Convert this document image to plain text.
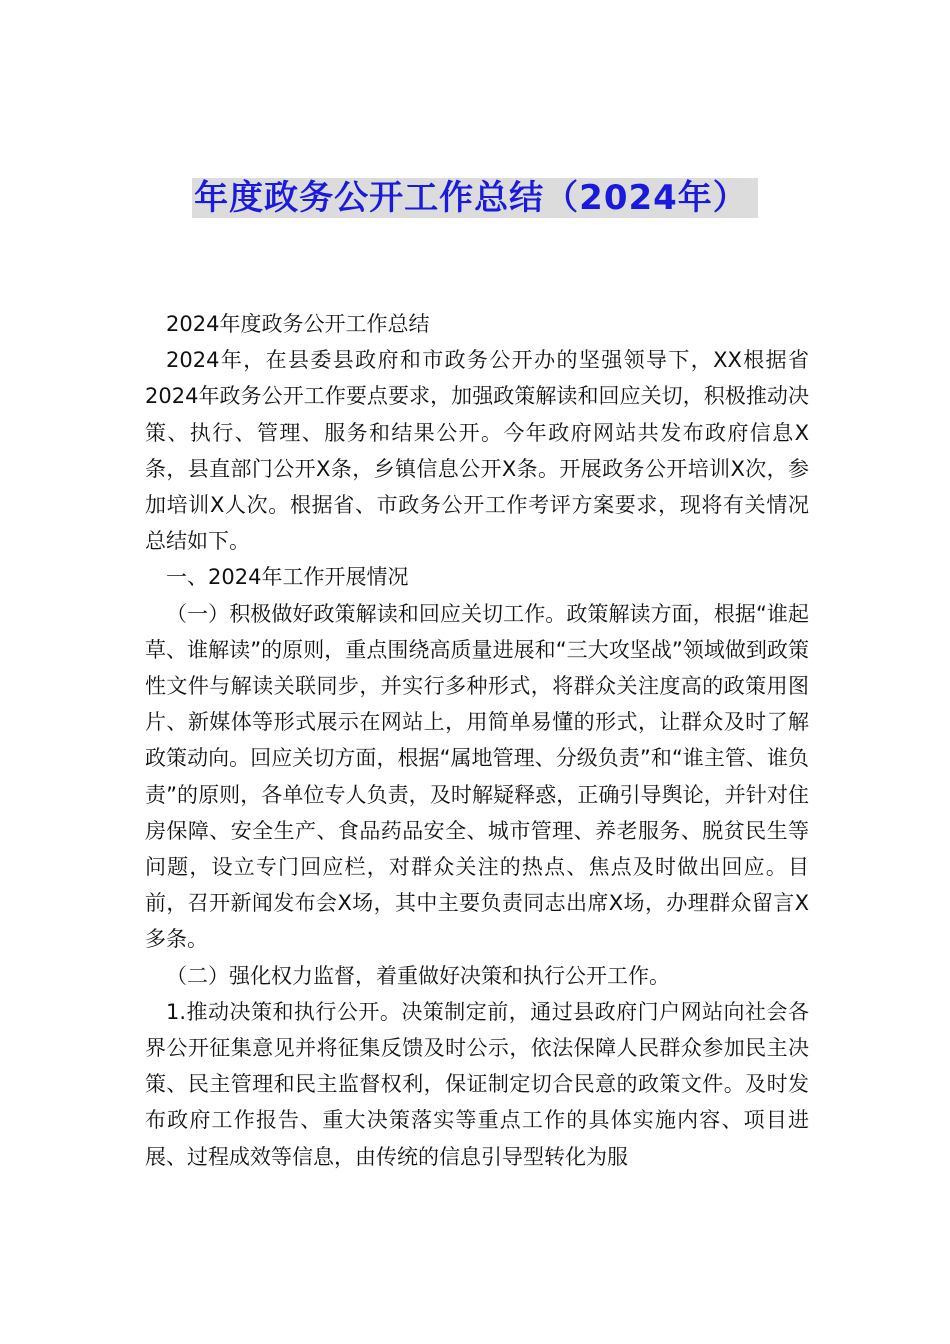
年度政务公开工作总结（2024年）

2024年度政务公开工作总结

2024年，在县委县政府和市政务公开办的坚强领导下，XX根据省2024年政务公开工作要点要求，加强政策解读和回应关切，积极推动决策、执行、管理、服务和结果公开。今年政府网站共发布政府信息X条，县直部门公开X条，乡镇信息公开X条。开展政务公开培训X次，参加培训X人次。根据省、市政务公开工作考评方案要求，现将有关情况总结如下。

一、2024年工作开展情况

（一）积极做好政策解读和回应关切工作。政策解读方面，根据“谁起草、谁解读”的原则，重点围绕高质量进展和“三大攻坚战”领域做到政策性文件与解读关联同步，并实行多种形式，将群众关注度高的政策用图片、新媒体等形式展示在网站上，用简单易懂的形式，让群众及时了解政策动向。回应关切方面，根据“属地管理、分级负责”和“谁主管、谁负责”的原则，各单位专人负责，及时解疑释惑，正确引导舆论，并针对住房保障、安全生产、食品药品安全、城市管理、养老服务、脱贫民生等问题，设立专门回应栏，对群众关注的热点、焦点及时做出回应。目前，召开新闻发布会X场，其中主要负责同志出席X场，办理群众留言X多条。

（二）强化权力监督，着重做好决策和执行公开工作。

1.推动决策和执行公开。决策制定前，通过县政府门户网站向社会各界公开征集意见并将征集反馈及时公示，依法保障人民群众参加民主决策、民主管理和民主监督权利，保证制定切合民意的政策文件。及时发布政府工作报告、重大决策落实等重点工作的具体实施内容、项目进展、过程成效等信息，由传统的信息引导型转化为服
